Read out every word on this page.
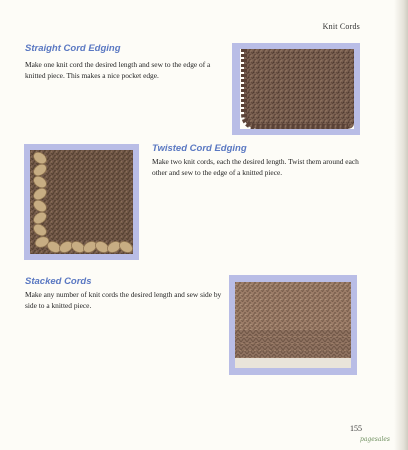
Knit Cords
Straight Cord Edging

Make one knit cord the desired length and sew to the edge of a knitted piece. This makes a nice pocket edge.

Twisted Cord Edging

Make two knit cords, each the desired length. Twist them around each other and sew to the edge of a knitted piece.

Stacked Cords

Make any number of knit cords the desired length and sew side by side to a knitted piece.

155
pagesales
